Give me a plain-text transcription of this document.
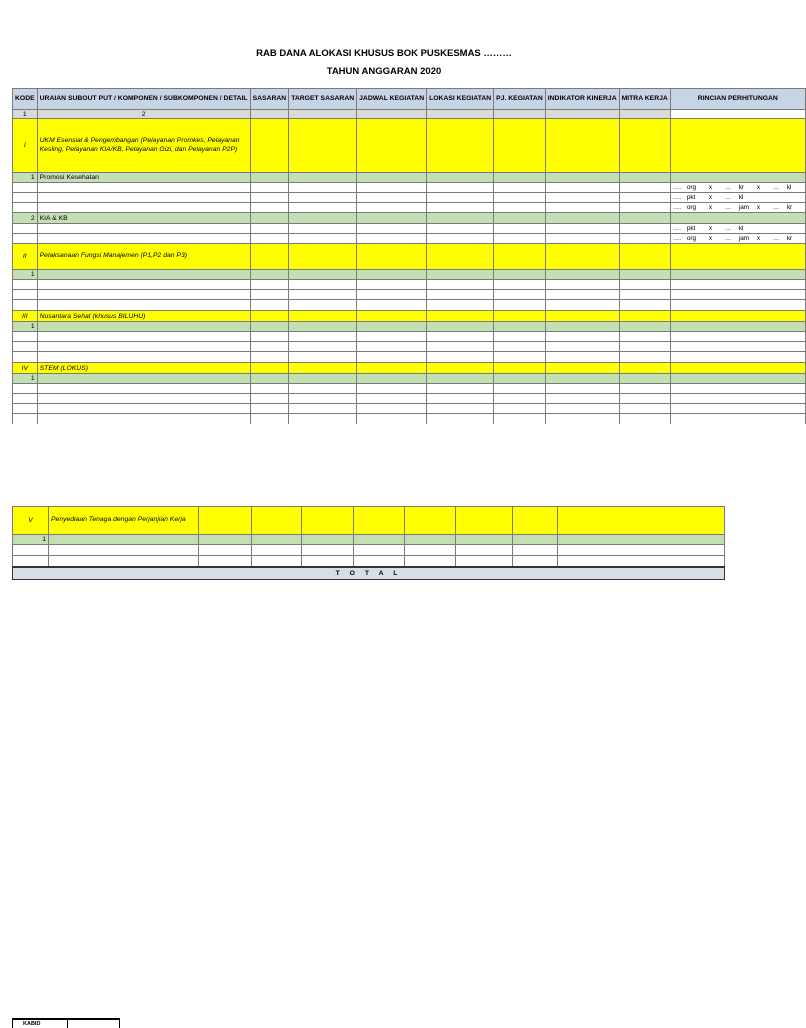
RAB DANA ALOKASI KHUSUS BOK PUSKESMAS ………
TAHUN ANGGARAN 2020
KODE	URAIAN SUBOUT PUT / KOMPONEN / SUBKOMPONEN / DETAIL	SASARAN	TARGET SASARAN	JADWAL KEGIATAN	LOKASI KEGIATAN	PJ. KEGIATAN	INDIKATOR KINERJA	MITRA KERJA	RINCIAN PERHITUNGAN
1	2								
I	UKM Esensial & Pengembangan (Pelayanan Promkes, Pelayanan Kesling, Pelayanan KIA/KB, Pelayanan Gizi, dan Pelayanan P2P)								
1	Promosi Kesehatan								
									…. org x … kr x … kl
									…. pkt x … kl
									…. org x … jam x … kr
2	KIA & KB								
									…. pkt x … kl
									…. org x … jam x … kr
II	Pelaksanaan Fungsi Manajemen (P1,P2 dan P3)								
1									

III	Nusantara Sehat (khusus BILUHU)								
1									

IV	STEM (LOKUS)								
1									

V	Penyediaan Tenaga dengan Perjanjian Kerja								
1									

T O T A L									
KABID
